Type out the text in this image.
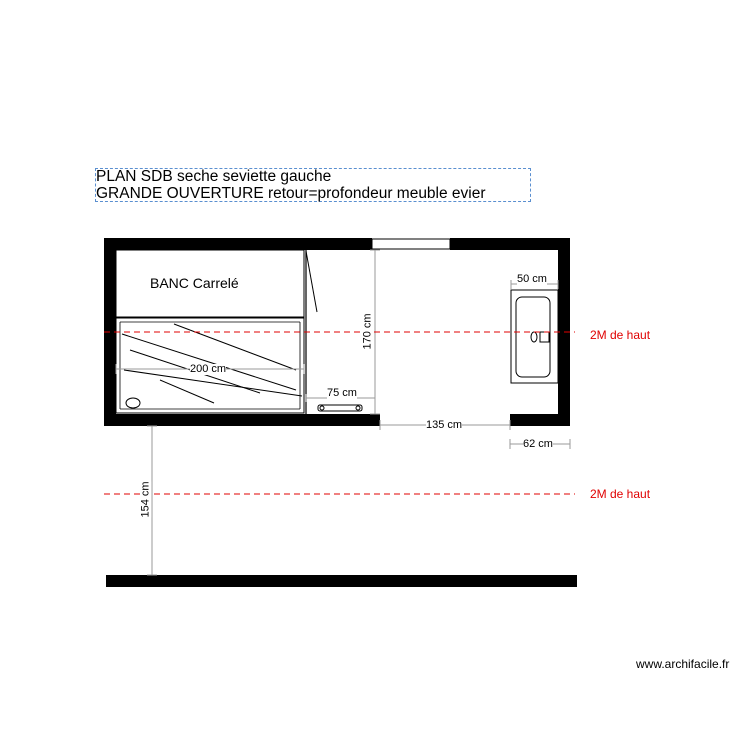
PLAN SDB seche seviette gauche
GRANDE OUVERTURE retour=profondeur meuble evier
BANC Carrelé
200 cm
50 cm
170 cm
75 cm
135 cm
62 cm
154 cm
2M de haut
2M de haut
www.archifacile.fr
